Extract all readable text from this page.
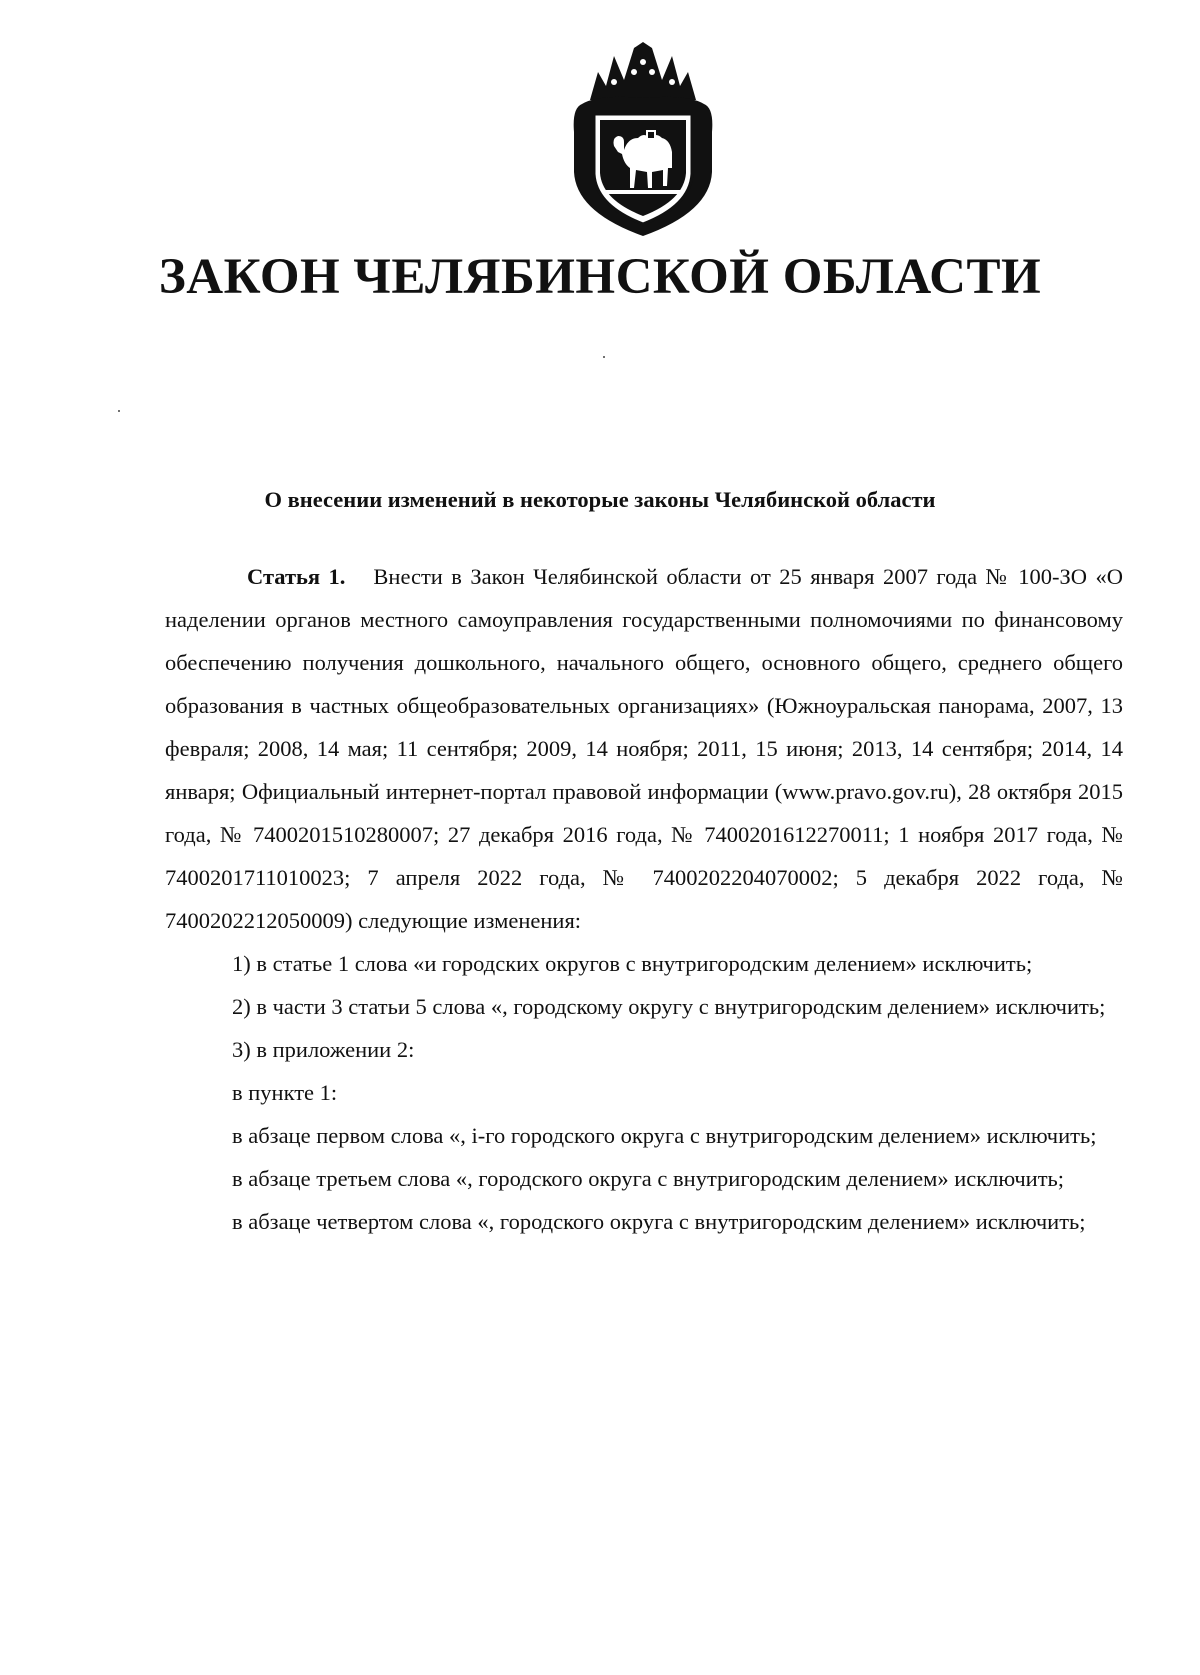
ЗАКОН ЧЕЛЯБИНСКОЙ ОБЛАСТИ
О внесении изменений в некоторые законы Челябинской области

Статья 1. Внести в Закон Челябинской области от 25 января 2007 года № 100-ЗО «О наделении органов местного самоуправления государственными полномочиями по финансовому обеспечению получения дошкольного, начального общего, основного общего, среднего общего образования в частных общеобразовательных организациях» (Южноуральская панорама, 2007, 13 февраля; 2008, 14 мая; 11 сентября; 2009, 14 ноября; 2011, 15 июня; 2013, 14 сентября; 2014, 14 января; Официальный интернет-портал правовой информации (www.pravo.gov.ru), 28 октября 2015 года, № 7400201510280007; 27 декабря 2016 года, № 7400201612270011; 1 ноября 2017 года, № 7400201711010023; 7 апреля 2022 года, № 7400202204070002; 5 декабря 2022 года, № 7400202212050009) следующие изменения:

1) в статье 1 слова «и городских округов с внутригородским делением» исключить;

2) в части 3 статьи 5 слова «, городскому округу с внутригородским делением» исключить;

3) в приложении 2:

в пункте 1:

в абзаце первом слова «, i-го городского округа с внутригородским делением» исключить;

в абзаце третьем слова «, городского округа с внутригородским делением» исключить;

в абзаце четвертом слова «, городского округа с внутригородским делением» исключить;
